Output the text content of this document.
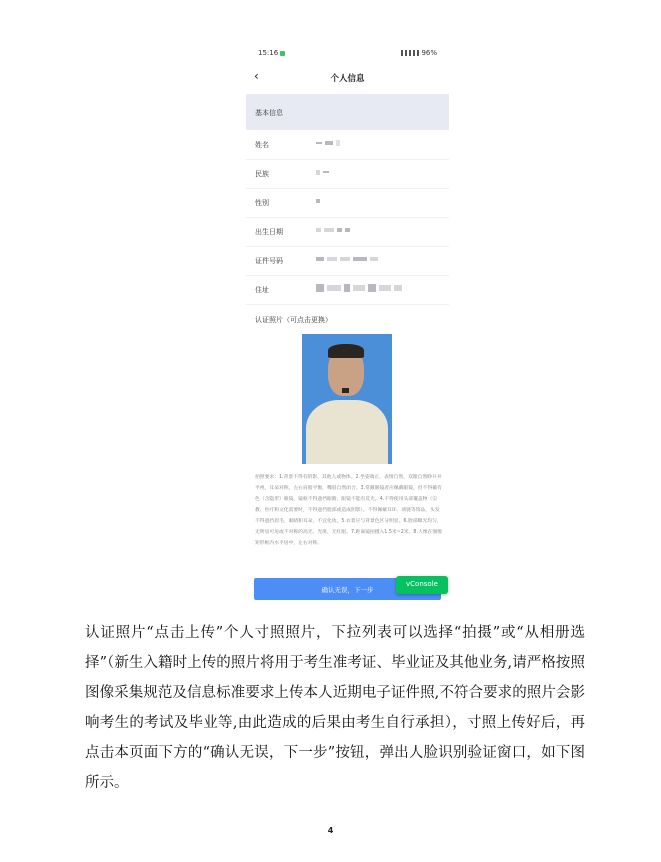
15:16	96%
‹	个人信息
基本信息
姓名
民族
性别
出生日期
证件号码
住址
认证照片（可点击更换）
拍照要求：1.背景不得有阴影、其他人或物体。2.坐姿端正，表情自然，双眼自然睁开并平视，耳朵对称，左右肩膀平衡，嘴唇自然闭合。3.常戴眼镜者应佩戴眼镜，但不得戴有色（含隐形）眼镜，镜框不得遮挡眼睛，眼镜不能有反光。4.不得使用头部覆盖物（宗教、医疗和文化需要时，不得遮挡脸部或造成阴影）。不得佩戴耳环、项链等饰品，头发不得遮挡眉毛、眼睛和耳朵，不宜化妆。5.衣着应与背景色区分明显。6.脸部曝光均匀，无明显可见或不对称的高光、光斑，无红眼。7.距离镜拍摄入1.5米~2米。8.人像在图像矩形框内水平居中，左右对称。
确认无误，下一步
vConsole
认证照片“点击上传”个人寸照照片，下拉列表可以选择“拍摄”或“从相册选择”（新生入籍时上传的照片将用于考生准考证、毕业证及其他业务,请严格按照图像采集规范及信息标准要求上传本人近期电子证件照,不符合要求的照片会影响考生的考试及毕业等,由此造成的后果由考生自行承担），寸照上传好后，再点击本页面下方的“确认无误，下一步”按钮，弹出人脸识别验证窗口，如下图所示。
4
